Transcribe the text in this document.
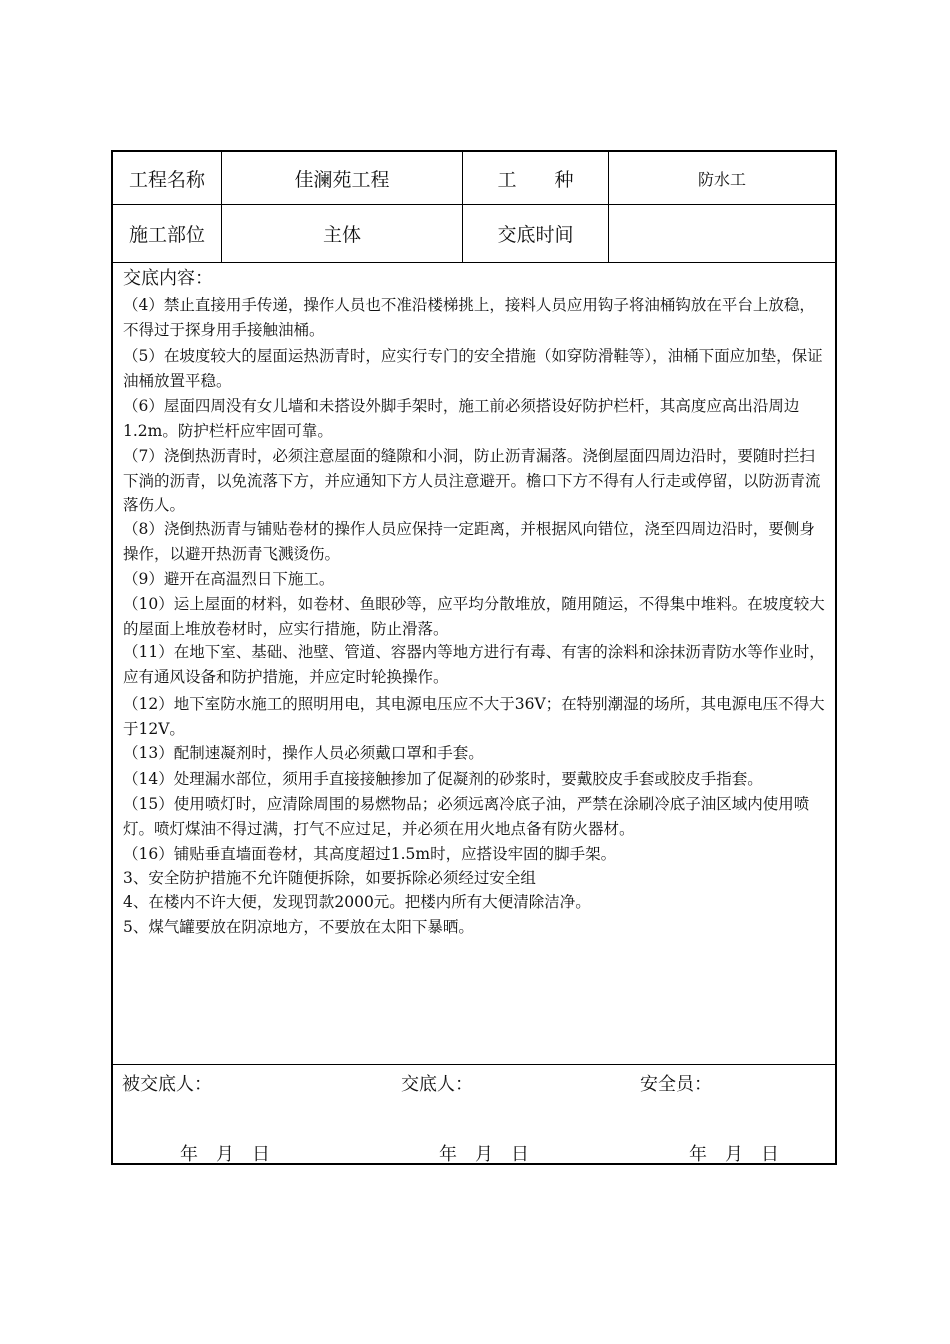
工程名称	佳澜苑工程	工　　种	防水工
施工部位	主体	交底时间
交底内容：

（4）禁止直接用手传递，操作人员也不准沿楼梯挑上，接料人员应用钩子将油桶钩放在平台上放稳，不得过于探身用手接触油桶。

（5）在坡度较大的屋面运热沥青时，应实行专门的安全措施（如穿防滑鞋等），油桶下面应加垫，保证油桶放置平稳。

（6）屋面四周没有女儿墙和未搭设外脚手架时，施工前必须搭设好防护栏杆，其高度应高出沿周边1.2m。防护栏杆应牢固可靠。

（7）浇倒热沥青时，必须注意屋面的缝隙和小洞，防止沥青漏落。浇倒屋面四周边沿时，要随时拦扫下淌的沥青，以免流落下方，并应通知下方人员注意避开。檐口下方不得有人行走或停留，以防沥青流落伤人。

（8）浇倒热沥青与铺贴卷材的操作人员应保持一定距离，并根据风向错位，浇至四周边沿时，要侧身操作，以避开热沥青飞溅烫伤。

（9）避开在高温烈日下施工。

（10）运上屋面的材料，如卷材、鱼眼砂等，应平均分散堆放，随用随运，不得集中堆料。在坡度较大的屋面上堆放卷材时，应实行措施，防止滑落。

（11）在地下室、基础、池壁、管道、容器内等地方进行有毒、有害的涂料和涂抹沥青防水等作业时，应有通风设备和防护措施，并应定时轮换操作。

（12）地下室防水施工的照明用电，其电源电压应不大于36V；在特别潮湿的场所，其电源电压不得大于12V。

（13）配制速凝剂时，操作人员必须戴口罩和手套。

（14）处理漏水部位，须用手直接接触掺加了促凝剂的砂浆时，要戴胶皮手套或胶皮手指套。

（15）使用喷灯时，应清除周围的易燃物品；必须远离冷底子油，严禁在涂刷冷底子油区域内使用喷灯。喷灯煤油不得过满，打气不应过足，并必须在用火地点备有防火器材。

（16）铺贴垂直墙面卷材，其高度超过1.5m时，应搭设牢固的脚手架。

3、安全防护措施不允许随便拆除，如要拆除必须经过安全组

4、在楼内不许大便，发现罚款2000元。把楼内所有大便清除洁净。

5、煤气罐要放在阴凉地方，不要放在太阳下暴晒。

被交底人：	交底人：	安全员：
年　月　日	年　月　日	年　月　日
